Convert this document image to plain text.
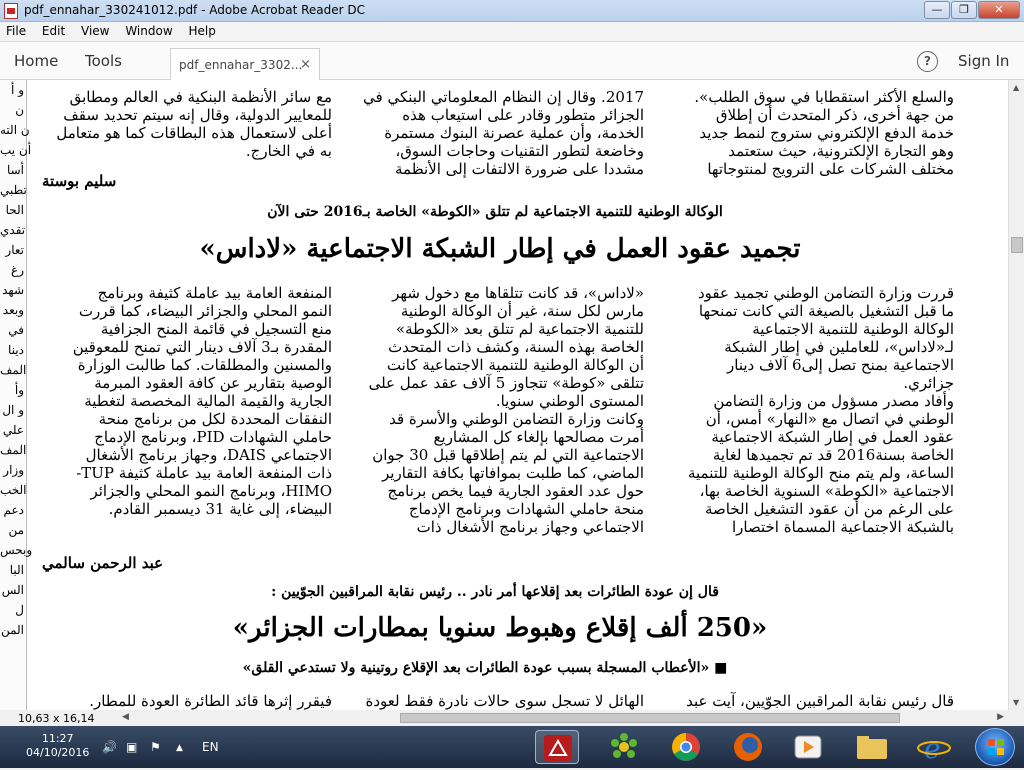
pdf_ennahar_330241012.pdf - Adobe Acrobat Reader DC	—	❐	✕
File Edit View Window Help
Home Tools	pdf_ennahar_3302...
×	?	Sign In
و أ
ن
ن الته
أن يب
أسا
تطبي
الحا
تقدي
تعار
رغ
شهد
وبعد
في
دينا
المف
وأ
و ال
علي
المف
وزار
الخب
دعم
من
وبحس
البا
الس
ل
المن
والسلع الأكثر استقطابا في سوق الطلب».
من جهة أخرى، ذكر المتحدث أن إطلاق
خدمة الدفع الإلكتروني ستروج لنمط جديد
وهو التجارة الإلكترونية، حيث ستعتمد
مختلف الشركات على الترويج لمنتوجاتها
2017. وقال إن النظام المعلوماتي البنكي في
الجزائر متطور وقادر على استيعاب هذه
الخدمة، وأن عملية عصرنة البنوك مستمرة
وخاضعة لتطور التقنيات وحاجات السوق،
مشددا على ضرورة الالتفات إلى الأنظمة
مع سائر الأنظمة البنكية في العالم ومطابق
للمعايير الدولية، وقال إنه سيتم تحديد سقف
أعلى لاستعمال هذه البطاقات كما هو متعامل
به في الخارج.
سليم بوستة
الوكالة الوطنية للتنمية الاجتماعية لم تتلق «الكوطة» الخاصة بـ2016 حتى الآن
تجميد عقود العمل في إطار الشبكة الاجتماعية «لاداس»
قررت وزارة التضامن الوطني تجميد عقود
ما قبل التشغيل بالصيغة التي كانت تمنحها
الوكالة الوطنية للتنمية الاجتماعية
لـ«لاداس»، للعاملين في إطار الشبكة
الاجتماعية بمنح تصل إلى6 آلاف دينار
جزائري.
وأفاد مصدر مسؤول من وزارة التضامن
الوطني في اتصال مع «النهار» أمس، أن
عقود العمل في إطار الشبكة الاجتماعية
الخاصة بسنة2016 قد تم تجميدها لغاية
الساعة، ولم يتم منح الوكالة الوطنية للتنمية
الاجتماعية «الكوطة» السنوية الخاصة بها،
على الرغم من أن عقود التشغيل الخاصة
بالشبكة الاجتماعية المسماة اختصارا
«لاداس»، قد كانت تتلقاها مع دخول شهر
مارس لكل سنة، غير أن الوكالة الوطنية
للتنمية الاجتماعية لم تتلق بعد «الكوطة»
الخاصة بهذه السنة، وكشف ذات المتحدث
أن الوكالة الوطنية للتنمية الاجتماعية كانت
تتلقى «كوطة» تتجاوز 5 آلاف عقد عمل على
المستوى الوطني سنويا.
وكانت وزارة التضامن الوطني والأسرة قد
أمرت مصالحها بإلغاء كل المشاريع
الاجتماعية التي لم يتم إطلاقها قبل 30 جوان
الماضي، كما طلبت بموافاتها بكافة التقارير
حول عدد العقود الجارية فيما يخص برنامج
منحة حاملي الشهادات وبرنامج الإدماج
الاجتماعي وجهاز برنامج الأشغال ذات
المنفعة العامة بيد عاملة كثيفة وبرنامج
النمو المحلي والجزائر البيضاء، كما قررت
منع التسجيل في قائمة المنح الجزافية
المقدرة بـ3 آلاف دينار التي تمنح للمعوقين
والمسنين والمطلقات. كما طالبت الوزارة
الوصية بتقارير عن كافة العقود المبرمة
الجارية والقيمة المالية المخصصة لتغطية
النفقات المحددة لكل من برنامج منحة
حاملي الشهادات PID، وبرنامج الإدماج
الاجتماعي DAIS، وجهاز برنامج الأشغال
ذات المنفعة العامة بيد عاملة كثيفة TUP-
HIMO، وبرنامج النمو المحلي والجزائر
البيضاء، إلى غاية 31 ديسمبر القادم.
عبد الرحمن سالمي
قال إن عودة الطائرات بعد إقلاعها أمر نادر .. رئيس نقابة المراقبين الجوّيين :
«250 ألف إقلاع وهبوط سنويا بمطارات الجزائر»
■ «الأعطاب المسجلة بسبب عودة الطائرات بعد الإقلاع روتينية ولا تستدعي القلق»
قال رئيس نقابة المراقبين الجوّيين، آيت عبد
الهائل لا تسجل سوى حالات نادرة فقط لعودة
فيقرر إثرها قائد الطائرة العودة للمطار.
▲
▼
10,63 x 16,14	◀	▶
11:27
04/10/2016 🔊 ▣ ⚑ ▲ EN	e
